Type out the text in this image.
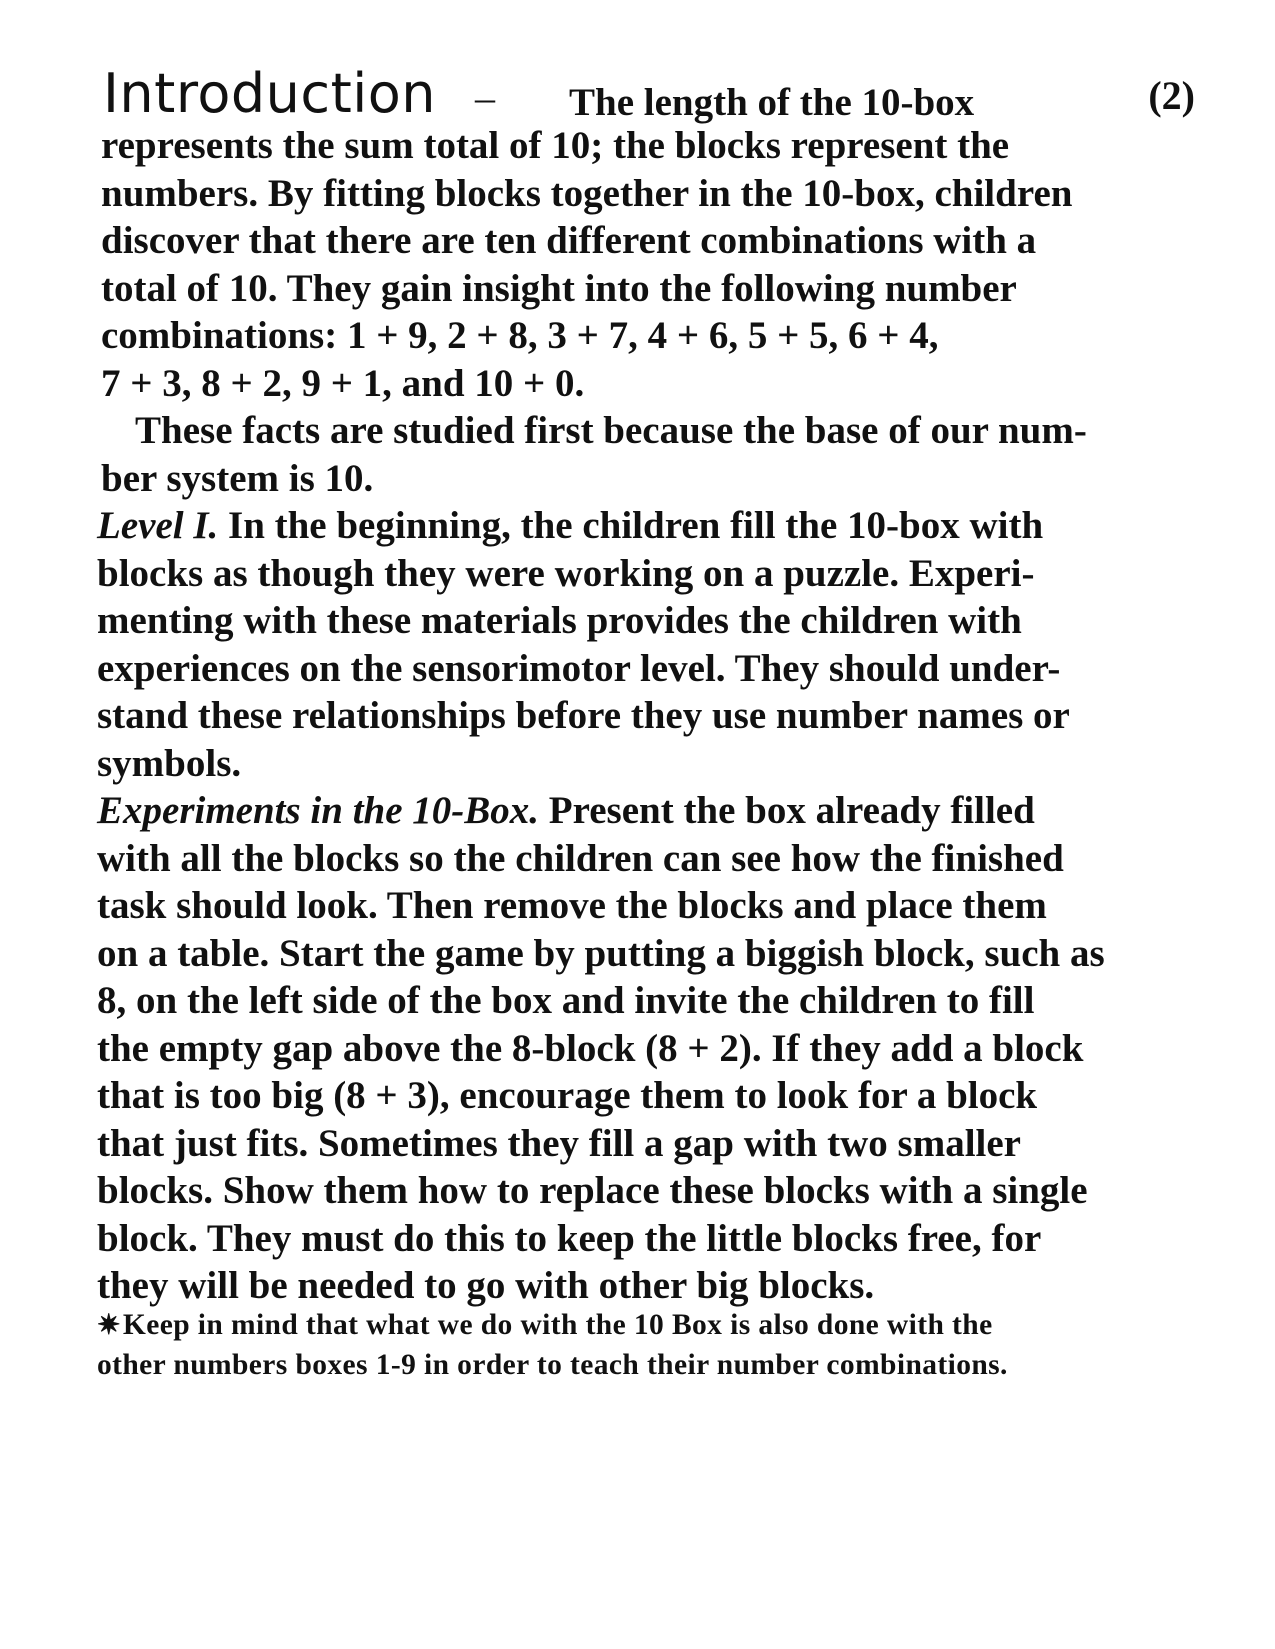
Introduction – The length of the 10-box	(2)
represents the sum total of 10; the blocks represent the
numbers. By fitting blocks together in the 10-box, children
discover that there are ten different combinations with a
total of 10. They gain insight into the following number
combinations: 1 + 9, 2 + 8, 3 + 7, 4 + 6, 5 + 5, 6 + 4,
7 + 3, 8 + 2, 9 + 1, and 10 + 0.
These facts are studied first because the base of our num-
ber system is 10.
Level I. In the beginning, the children fill the 10-box with
blocks as though they were working on a puzzle. Experi-
menting with these materials provides the children with
experiences on the sensorimotor level. They should under-
stand these relationships before they use number names or
symbols.
Experiments in the 10-Box. Present the box already filled
with all the blocks so the children can see how the finished
task should look. Then remove the blocks and place them
on a table. Start the game by putting a biggish block, such as
8, on the left side of the box and invite the children to fill
the empty gap above the 8-block (8 + 2). If they add a block
that is too big (8 + 3), encourage them to look for a block
that just fits. Sometimes they fill a gap with two smaller
blocks. Show them how to replace these blocks with a single
block. They must do this to keep the little blocks free, for
they will be needed to go with other big blocks.
✷Keep in mind that what we do with the 10 Box is also done with the
other numbers boxes 1-9 in order to teach their number combinations.
